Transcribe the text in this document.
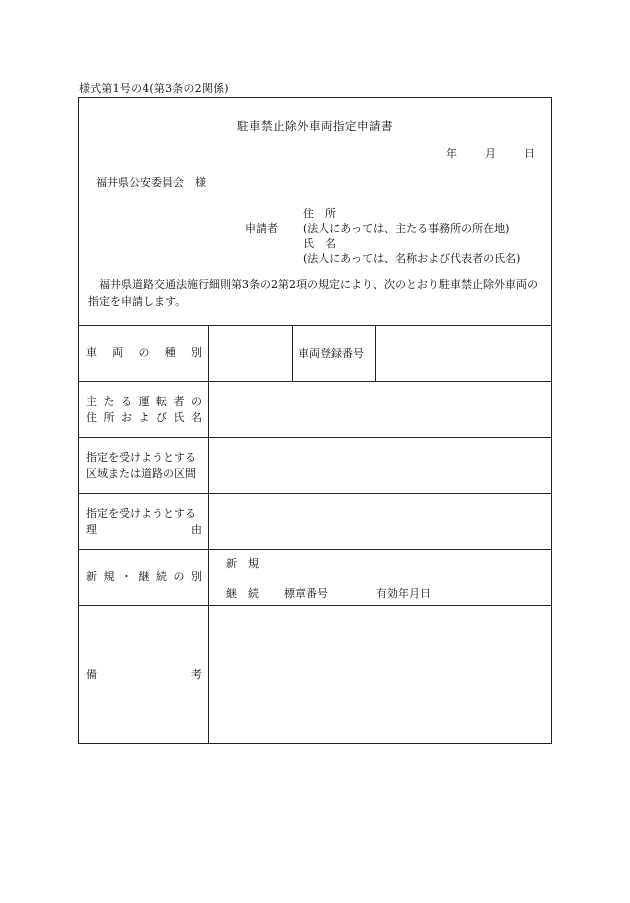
様式第1号の4(第3条の2関係)
駐車禁止除外車両指定申請書
年	月	日
福井県公安委員会　様
申請者
住　所
(法人にあっては、主たる事務所の所在地)
氏　名
(法人にあっては、名称および代表者の氏名)
福井県道路交通法施行細則第3条の2第2項の規定により、次のとおり駐車禁止除外車両の指定を申請します。
車 両 の 種 別	車両登録番号
主 た る 運 転 者 の
住 所 お よ び 氏 名
指定を受けようとする
区域または道路の区間
指定を受けようとする
理	由
新 規 ・ 継 続 の 別
新　規
継　続 標章番号	有効年月日
備	考
